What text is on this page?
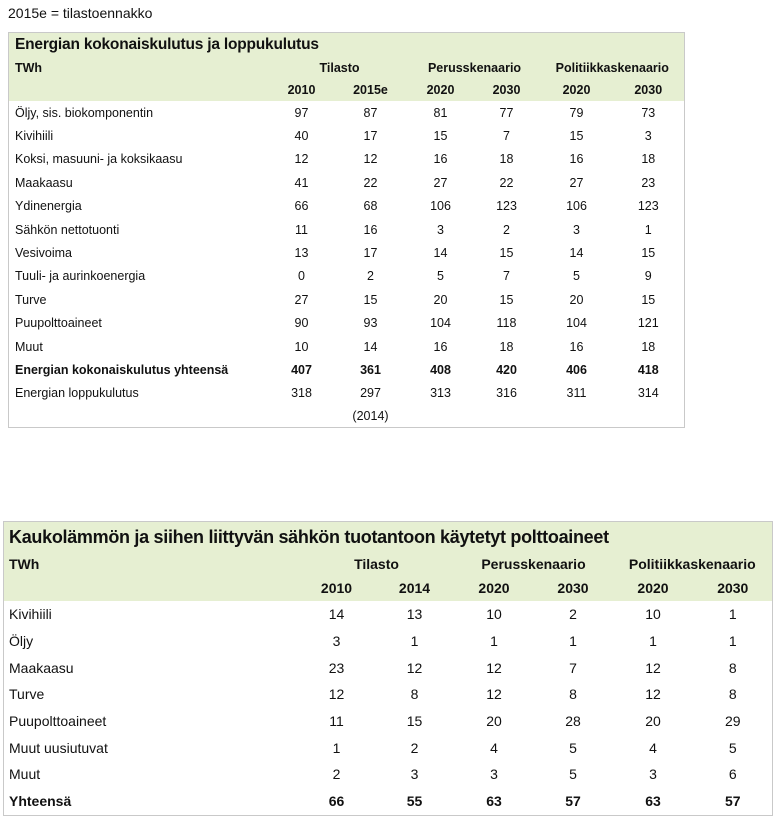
2015e = tilastoennakko
Energian kokonaiskulutus ja loppukulutus						
TWh	Tilasto		Perusskenaario		Politiikkaskenaario	
	2010	2015e	2020	2030	2020	2030
Öljy, sis. biokomponentin	97	87	81	77	79	73
Kivihiili	40	17	15	7	15	3
Koksi, masuuni- ja koksikaasu	12	12	16	18	16	18
Maakaasu	41	22	27	22	27	23
Ydinenergia	66	68	106	123	106	123
Sähkön nettotuonti	11	16	3	2	3	1
Vesivoima	13	17	14	15	14	15
Tuuli- ja aurinkoenergia	0	2	5	7	5	9
Turve	27	15	20	15	20	15
Puupolttoaineet	90	93	104	118	104	121
Muut	10	14	16	18	16	18
Energian kokonaiskulutus yhteensä	407	361	408	420	406	418
Energian loppukulutus	318	297	313	316	311	314
		(2014)				
Kaukolämmön ja siihen liittyvän sähkön tuotantoon käytetyt polttoaineet						
TWh	Tilasto		Perusskenaario		Politiikkaskenaario	
	2010	2014	2020	2030	2020	2030
Kivihiili	14	13	10	2	10	1
Öljy	3	1	1	1	1	1
Maakaasu	23	12	12	7	12	8
Turve	12	8	12	8	12	8
Puupolttoaineet	11	15	20	28	20	29
Muut uusiutuvat	1	2	4	5	4	5
Muut	2	3	3	5	3	6
Yhteensä	66	55	63	57	63	57
